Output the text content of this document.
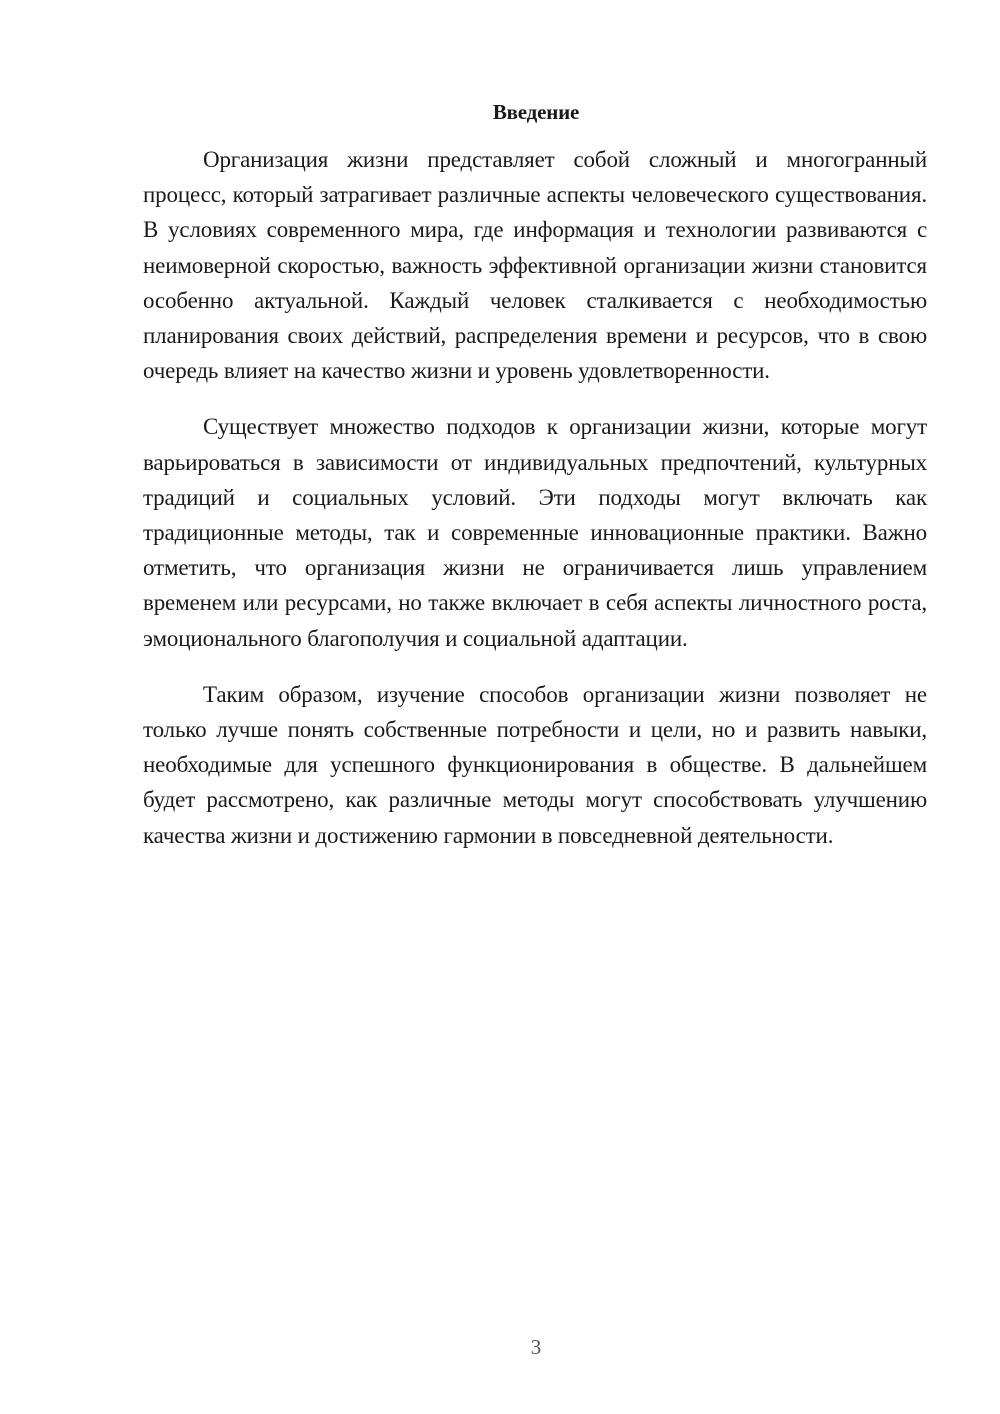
Введение

Организация жизни представляет собой сложный и многогранный процесс, который затрагивает различные аспекты человеческого существования. В условиях современного мира, где информация и технологии развиваются с неимоверной скоростью, важность эффективной организации жизни становится особенно актуальной. Каждый человек сталкивается с необходимостью планирования своих действий, распределения времени и ресурсов, что в свою очередь влияет на качество жизни и уровень удовлетворенности.

Существует множество подходов к организации жизни, которые могут варьироваться в зависимости от индивидуальных предпочтений, культурных традиций и социальных условий. Эти подходы могут включать как традиционные методы, так и современные инновационные практики. Важно отметить, что организация жизни не ограничивается лишь управлением временем или ресурсами, но также включает в себя аспекты личностного роста, эмоционального благополучия и социальной адаптации.

Таким образом, изучение способов организации жизни позволяет не только лучше понять собственные потребности и цели, но и развить навыки, необходимые для успешного функционирования в обществе. В дальнейшем будет рассмотрено, как различные методы могут способствовать улучшению качества жизни и достижению гармонии в повседневной деятельности.

3
